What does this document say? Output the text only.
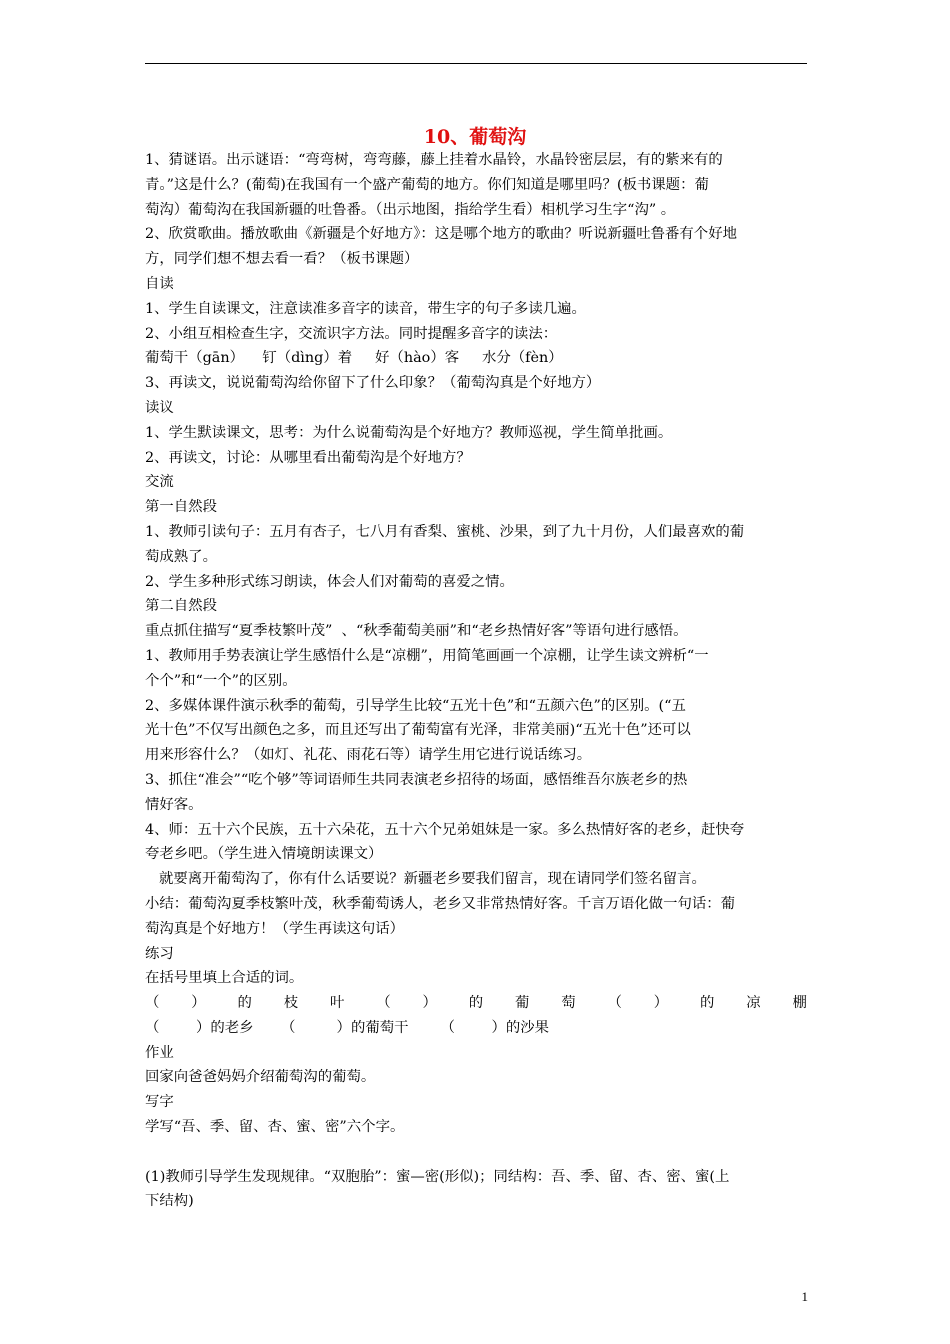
10、葡萄沟
1、猜谜语。出示谜语：“弯弯树，弯弯藤，藤上挂着水晶铃，水晶铃密层层，有的紫来有的
青。”这是什么？(葡萄)在我国有一个盛产葡萄的地方。你们知道是哪里吗？(板书课题：葡
萄沟）葡萄沟在我国新疆的吐鲁番。（出示地图，指给学生看）相机学习生字“沟” 。
2、欣赏歌曲。播放歌曲《新疆是个好地方》：这是哪个地方的歌曲？听说新疆吐鲁番有个好地
方，同学们想不想去看一看？（板书课题）
自读
1、学生自读课文，注意读准多音字的读音，带生字的句子多读几遍。
2、小组互相检查生字，交流识字方法。同时提醒多音字的读法：
葡萄干（gān）    钉（dìng）着     好（hào）客     水分（fèn）
3、再读文，说说葡萄沟给你留下了什么印象？（葡萄沟真是个好地方）
读议
1、学生默读课文，思考：为什么说葡萄沟是个好地方？教师巡视，学生简单批画。
2、再读文，讨论：从哪里看出葡萄沟是个好地方？
交流
第一自然段
1、教师引读句子：五月有杏子，七八月有香梨、蜜桃、沙果，到了九十月份，人们最喜欢的葡
萄成熟了。
2、学生多种形式练习朗读，体会人们对葡萄的喜爱之情。
第二自然段
重点抓住描写“夏季枝繁叶茂”  、“秋季葡萄美丽”和“老乡热情好客”等语句进行感悟。
1、教师用手势表演让学生感悟什么是“凉棚”，用简笔画画一个凉棚，让学生读文辨析“一
个个”和“一个”的区别。
2、多媒体课件演示秋季的葡萄，引导学生比较“五光十色”和“五颜六色”的区别。(“五
光十色”不仅写出颜色之多，而且还写出了葡萄富有光泽，非常美丽)“五光十色”还可以
用来形容什么？（如灯、礼花、雨花石等）请学生用它进行说话练习。
3、抓住“准会”“吃个够”等词语师生共同表演老乡招待的场面，感悟维吾尔族老乡的热
情好客。
4、师：五十六个民族，五十六朵花，五十六个兄弟姐妹是一家。多么热情好客的老乡，赶快夸
夸老乡吧。（学生进入情境朗读课文）
就要离开葡萄沟了，你有什么话要说？新疆老乡要我们留言，现在请同学们签名留言。
小结：葡萄沟夏季枝繁叶茂，秋季葡萄诱人，老乡又非常热情好客。千言万语化做一句话：葡
萄沟真是个好地方！（学生再读这句话）
练习
在括号里填上合适的词。
（ ） 的 枝 叶 （ ） 的 葡 萄 （ ） 的 凉 棚
（        ）的老乡      （         ）的葡萄干       （        ）的沙果
作业
回家向爸爸妈妈介绍葡萄沟的葡萄。
写字
学写“吾、季、留、杏、蜜、密”六个字。
(1)教师引导学生发现规律。“双胞胎”：蜜—密(形似)；同结构：吾、季、留、杏、密、蜜(上
下结构)
1
